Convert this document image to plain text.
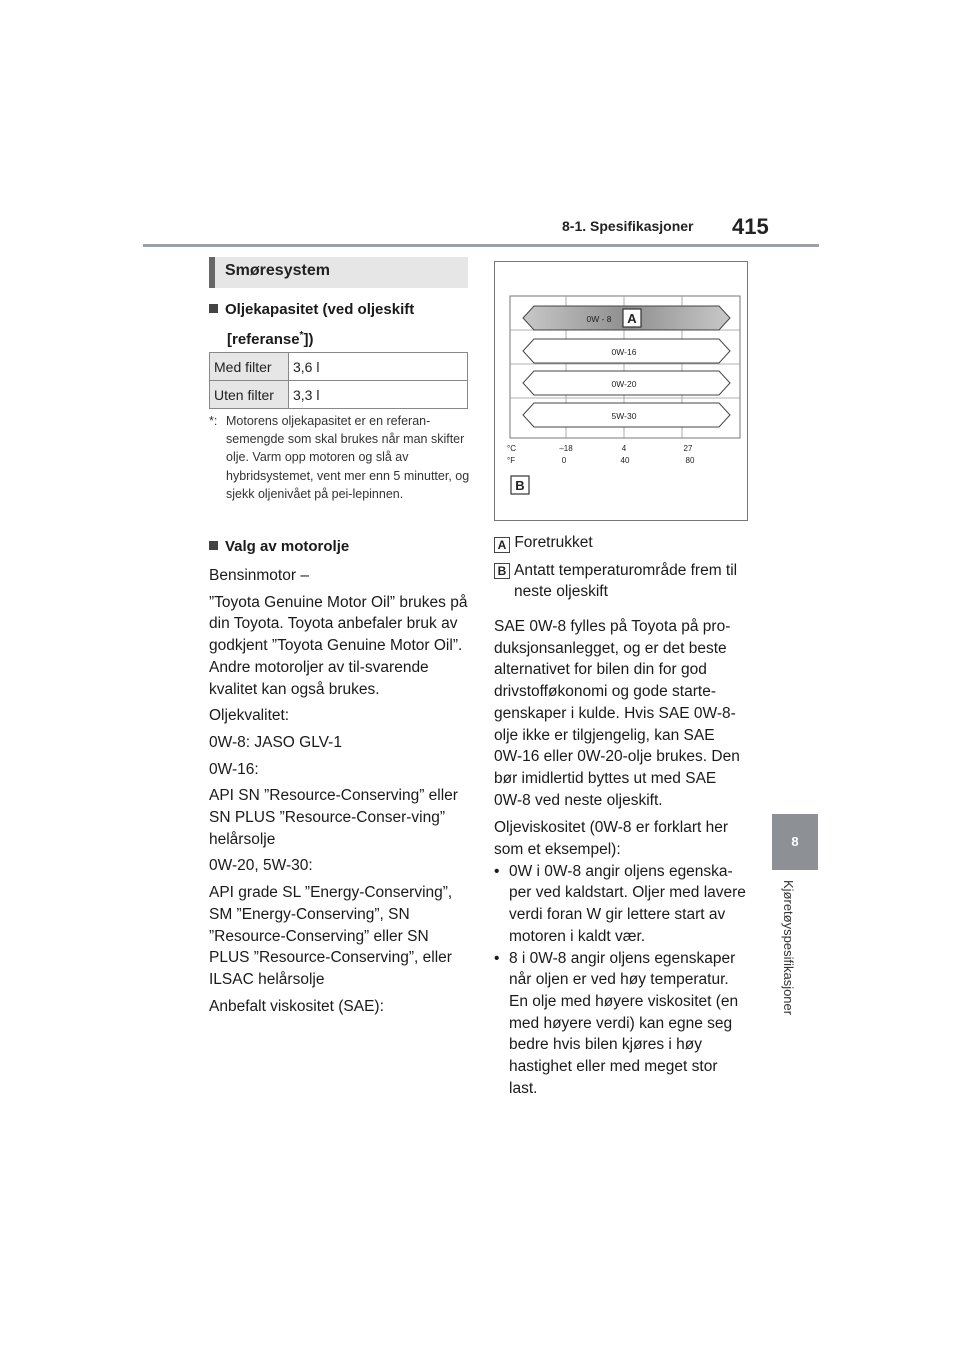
8-1. Spesifikasjoner 415
8
Kjøretøyspesifikasjoner
Smøresystem
Oljekapasitet (ved oljeskift
[referanse*])
Med filter	3,6 l
Uten filter	3,3 l
*: Motorens oljekapasitet er en referan-semengde som skal brukes når man skifter olje. Varm opp motoren og slå av hybridsystemet, vent mer enn 5 minutter, og sjekk oljenivået på pei-lepinnen.
Valg av motorolje
Bensinmotor –
”Toyota Genuine Motor Oil” brukes på din Toyota. Toyota anbefaler bruk av godkjent ”Toyota Genuine Motor Oil”. Andre motoroljer av til-svarende kvalitet kan også brukes.
Oljekvalitet:
0W-8: JASO GLV-1
0W-16:
API SN ”Resource-Conserving” eller SN PLUS ”Resource-Conser-ving” helårsolje
0W-20, 5W-30:
API grade SL ”Energy-Conserving”, SM ”Energy-Conserving”, SN ”Resource-Conserving” eller SN PLUS ”Resource-Conserving”, eller ILSAC helårsolje
Anbefalt viskositet (SAE):
0W - 8 A
0W-16
0W-20
5W-30
°C
°F
–18	4	27
0	40	80
B
A Foretrukket
B Antatt temperaturområde frem til neste oljeskift
SAE 0W-8 fylles på Toyota på pro-duksjonsanlegget, og er det beste alternativet for bilen din for god drivstofføkonomi og gode starte-genskaper i kulde. Hvis SAE 0W-8-olje ikke er tilgjengelig, kan SAE 0W-16 eller 0W-20-olje brukes. Den bør imidlertid byttes ut med SAE 0W-8 ved neste oljeskift.
Oljeviskositet (0W-8 er forklart her som et eksempel):
• 0W i 0W-8 angir oljens egenska-per ved kaldstart. Oljer med lavere verdi foran W gir lettere start av motoren i kaldt vær.
• 8 i 0W-8 angir oljens egenskaper når oljen er ved høy temperatur. En olje med høyere viskositet (en med høyere verdi) kan egne seg bedre hvis bilen kjøres i høy hastighet eller med meget stor last.
